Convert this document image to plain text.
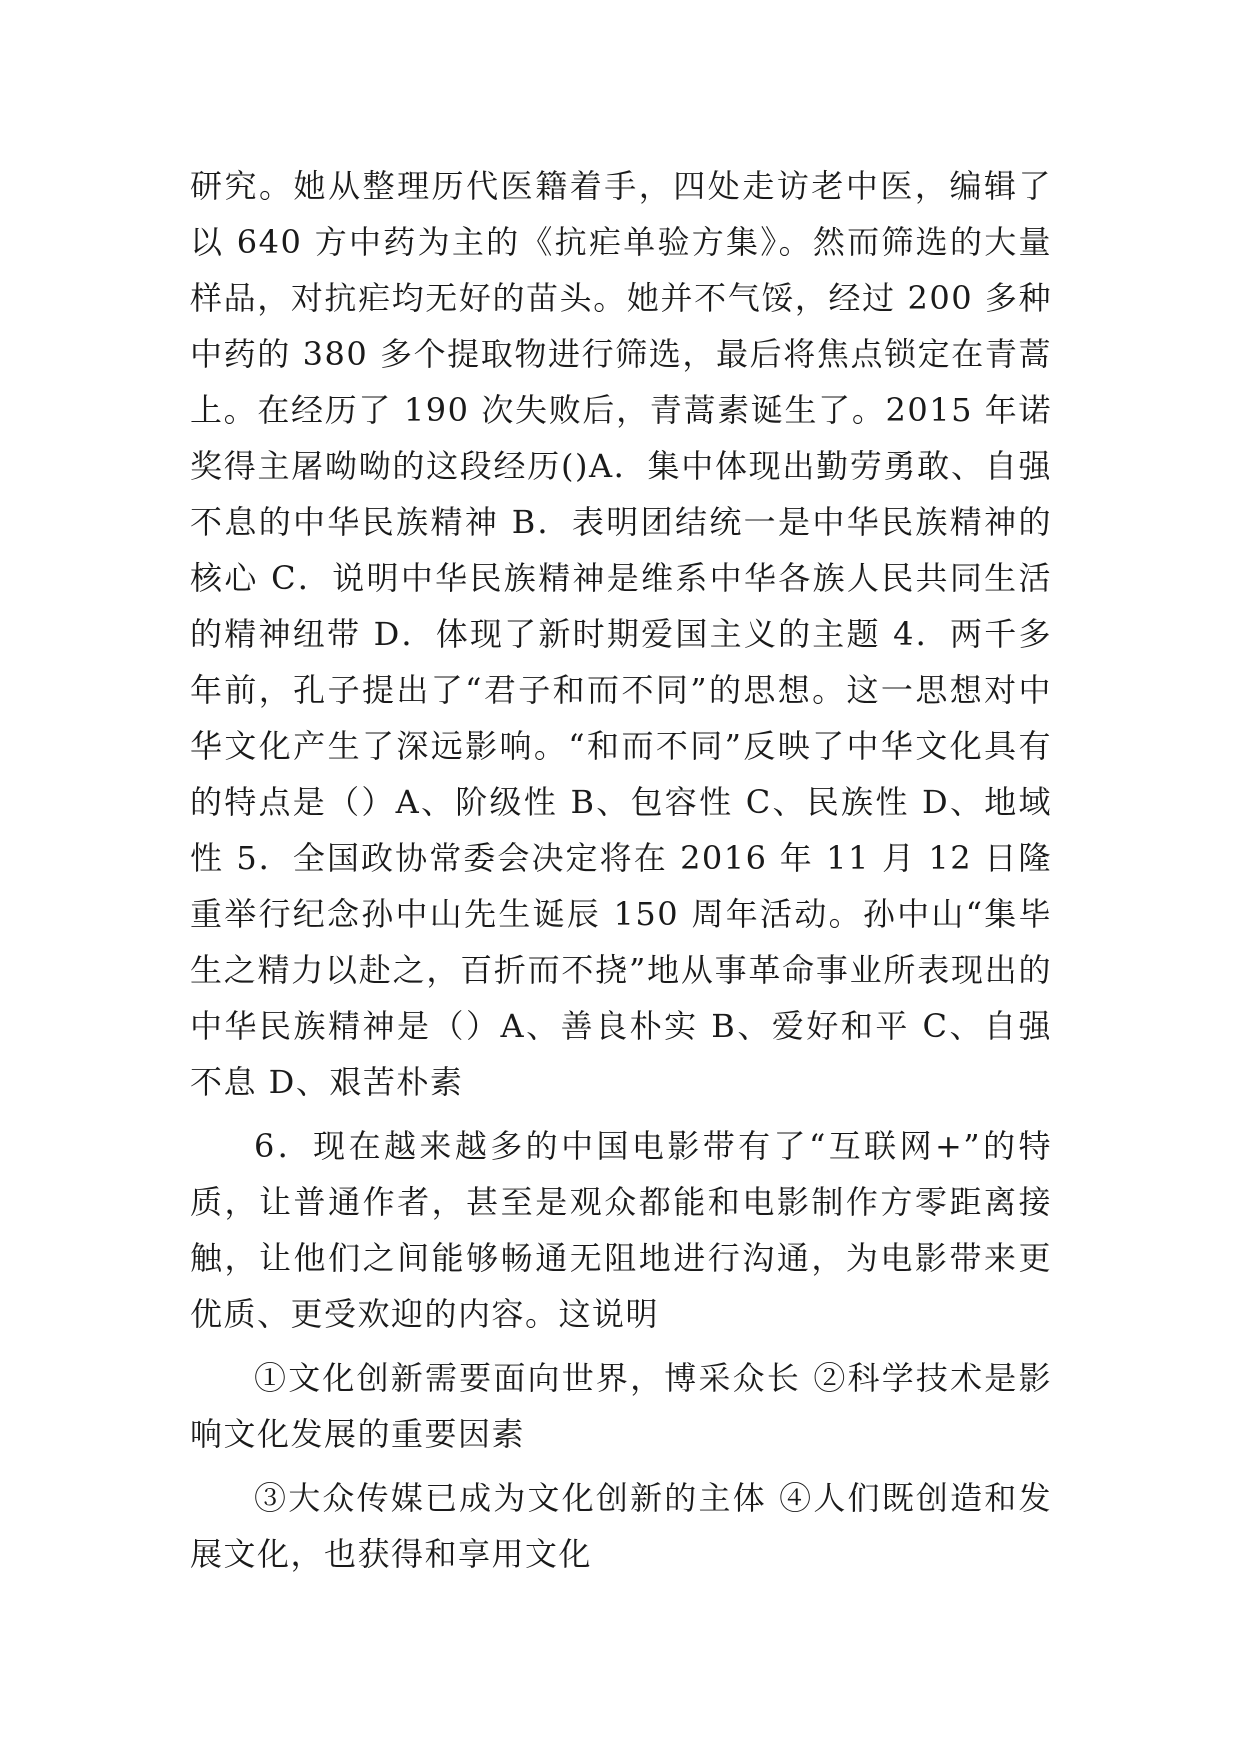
研究。她从整理历代医籍着手，四处走访老中医，编辑了以 640 方中药为主的《抗疟单验方集》。然而筛选的大量样品，对抗疟均无好的苗头。她并不气馁，经过 200 多种中药的 380 多个提取物进行筛选，最后将焦点锁定在青蒿上。在经历了 190 次失败后，青蒿素诞生了。2015 年诺奖得主屠呦呦的这段经历()A．集中体现出勤劳勇敢、自强不息的中华民族精神 B．表明团结统一是中华民族精神的核心 C．说明中华民族精神是维系中华各族人民共同生活的精神纽带 D．体现了新时期爱国主义的主题 4．两千多年前，孔子提出了“君子和而不同”的思想。这一思想对中华文化产生了深远影响。“和而不同”反映了中华文化具有的特点是（）A、阶级性 B、包容性 C、民族性 D、地域性 5．全国政协常委会决定将在 2016 年 11 月 12 日隆重举行纪念孙中山先生诞辰 150 周年活动。孙中山“集毕生之精力以赴之，百折而不挠”地从事革命事业所表现出的中华民族精神是（）A、善良朴实 B、爱好和平 C、自强不息 D、艰苦朴素

6．现在越来越多的中国电影带有了“互联网+”的特质，让普通作者，甚至是观众都能和电影制作方零距离接触，让他们之间能够畅通无阻地进行沟通，为电影带来更优质、更受欢迎的内容。这说明

①文化创新需要面向世界，博采众长 ②科学技术是影响文化发展的重要因素

③大众传媒已成为文化创新的主体 ④人们既创造和发展文化，也获得和享用文化
